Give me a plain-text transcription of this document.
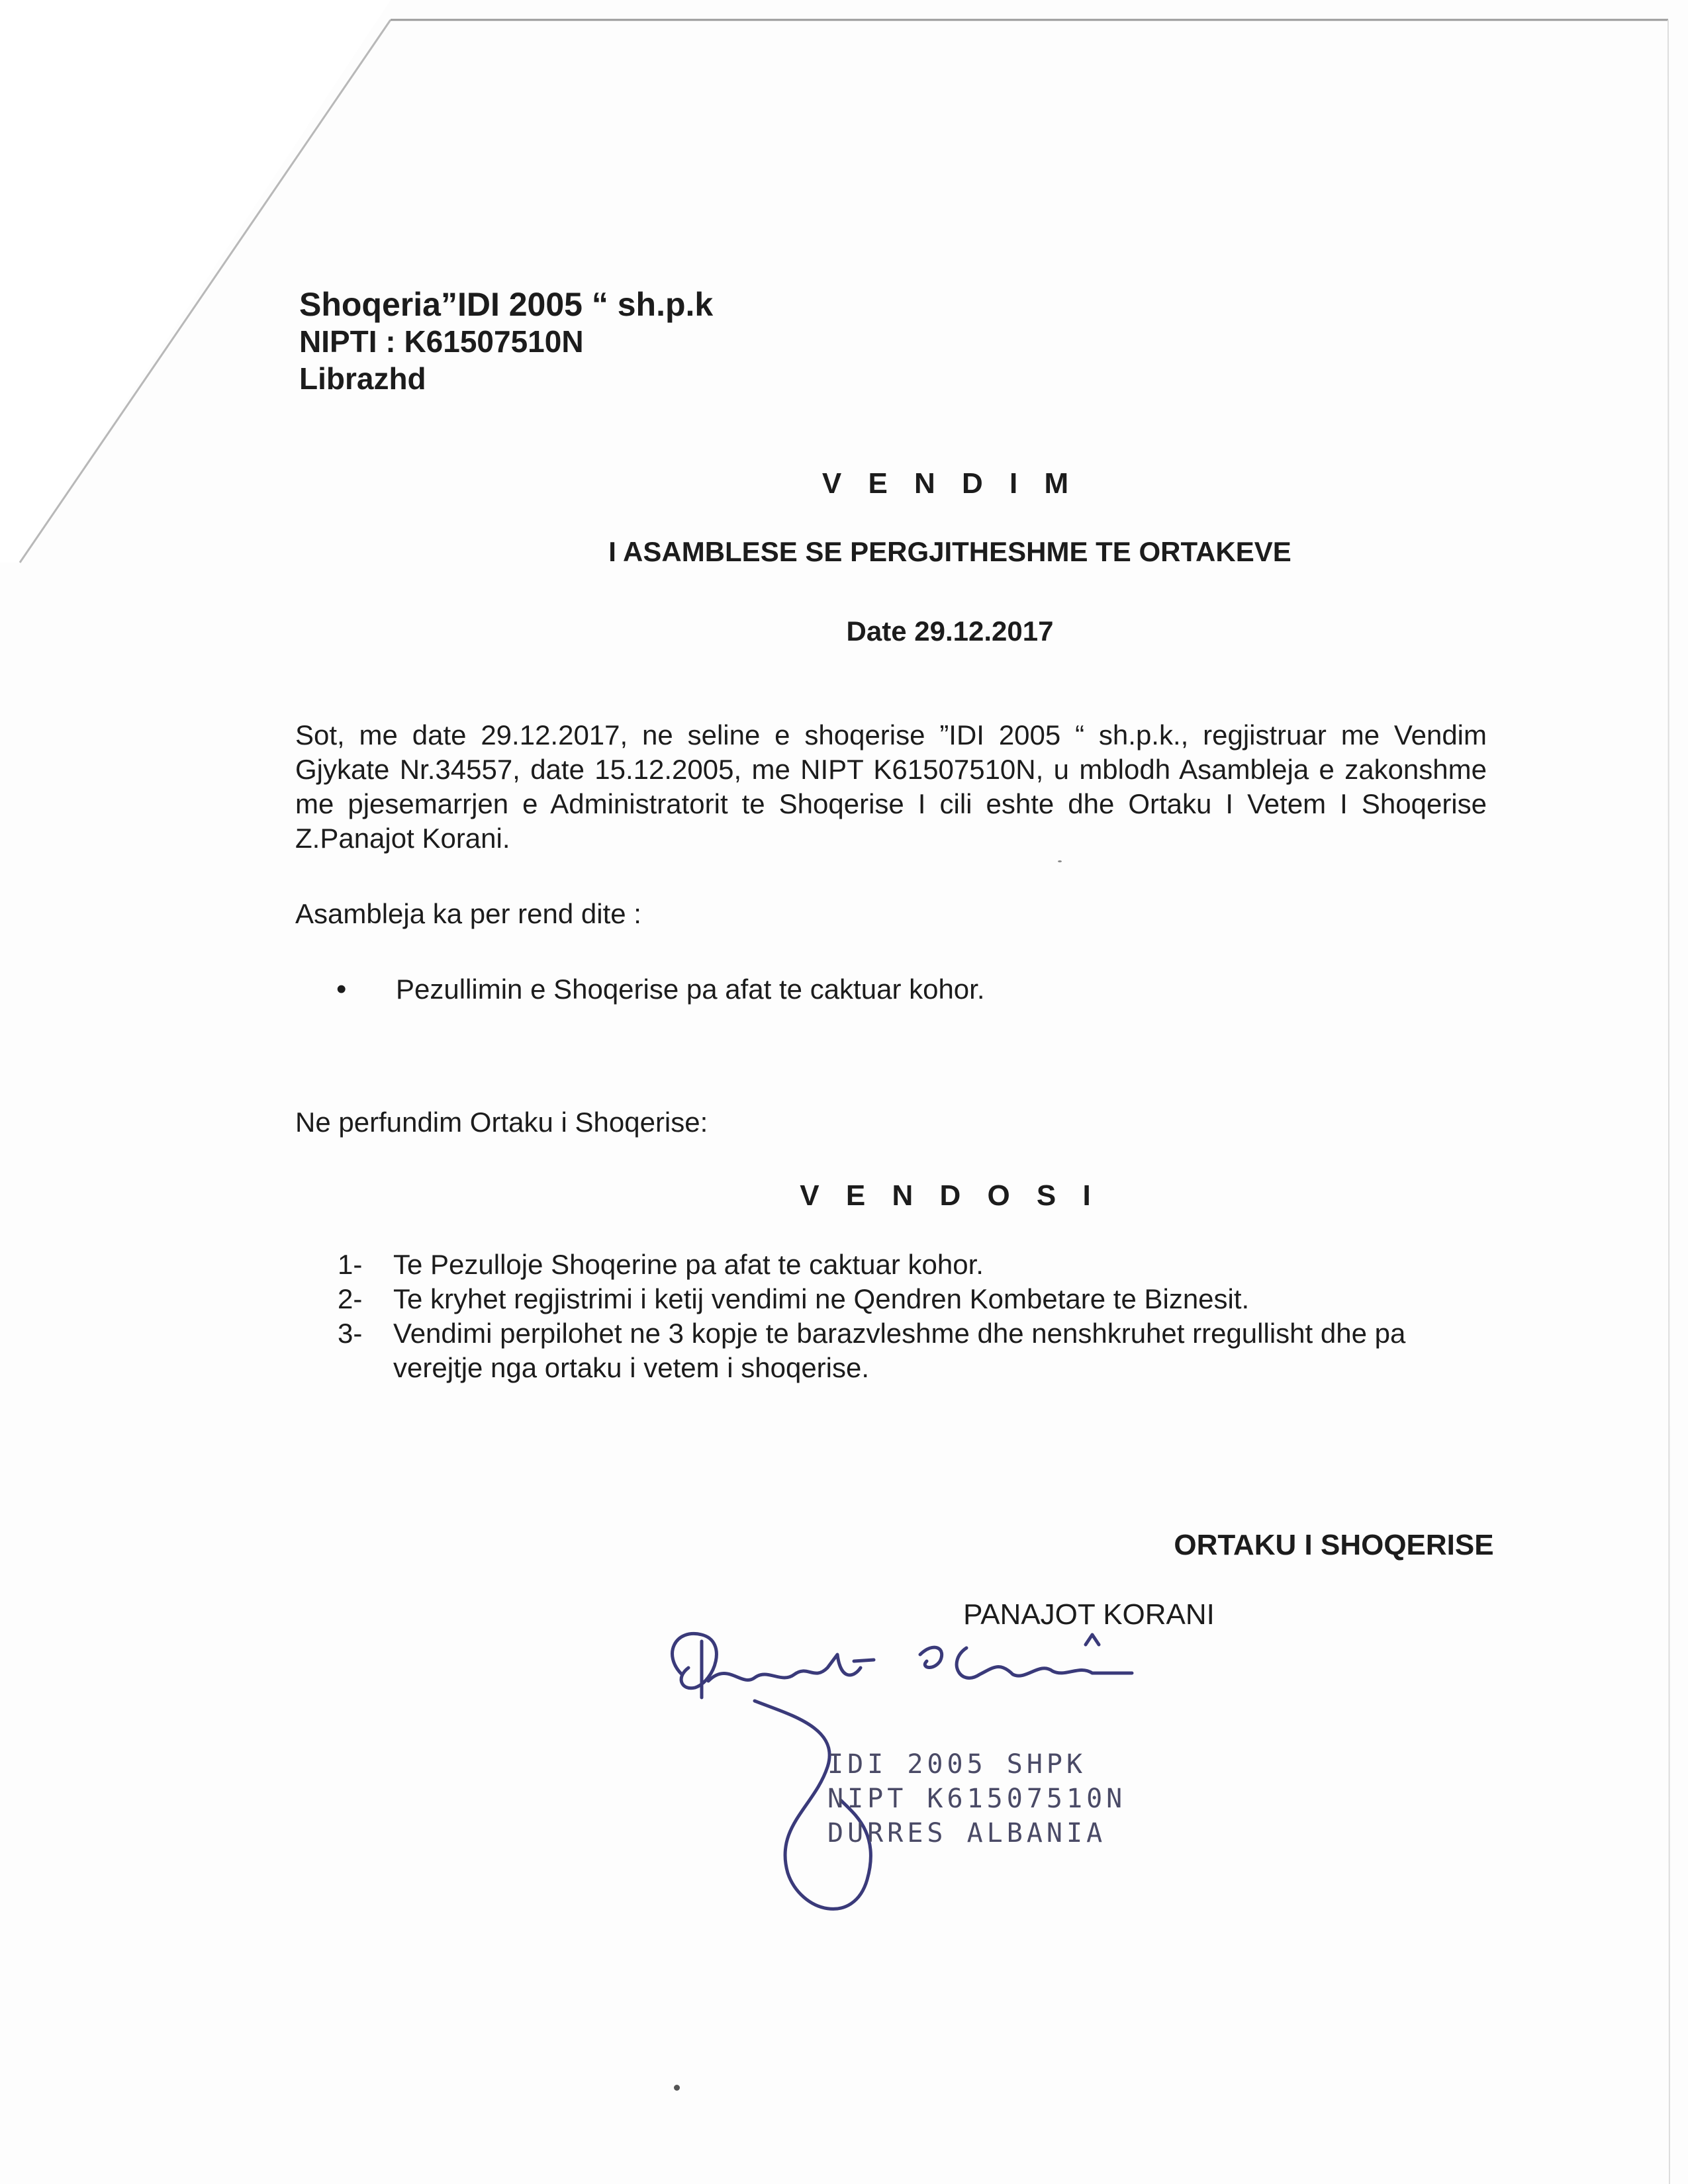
Shoqeria”IDI 2005 “ sh.p.k
NIPTI : K61507510N
Librazhd
V E N D I M
I ASAMBLESE SE PERGJITHESHME TE ORTAKEVE
Date 29.12.2017
Sot, me date 29.12.2017, ne seline e shoqerise ”IDI 2005 “ sh.p.k., regjistruar me Vendim Gjykate Nr.34557, date 15.12.2005, me NIPT K61507510N, u mblodh Asambleja e zakonshme me pjesemarrjen e Administratorit te Shoqerise I cili eshte dhe Ortaku I Vetem I Shoqerise Z.Panajot Korani.
Asambleja ka per rend dite :
•	Pezullimin e Shoqerise pa afat te caktuar kohor.
Ne perfundim Ortaku i Shoqerise:
V E N D O S I
1-	Te Pezulloje Shoqerine pa afat te caktuar kohor.
2-	Te kryhet regjistrimi i ketij vendimi ne Qendren Kombetare te Biznesit.
3-	Vendimi perpilohet ne 3 kopje te barazvleshme dhe nenshkruhet rregullisht dhe pa verejtje nga ortaku i vetem i shoqerise.
ORTAKU I SHOQERISE
PANAJOT KORANI
IDI 2005 SHPK
NIPT K61507510N
DURRES ALBANIA
